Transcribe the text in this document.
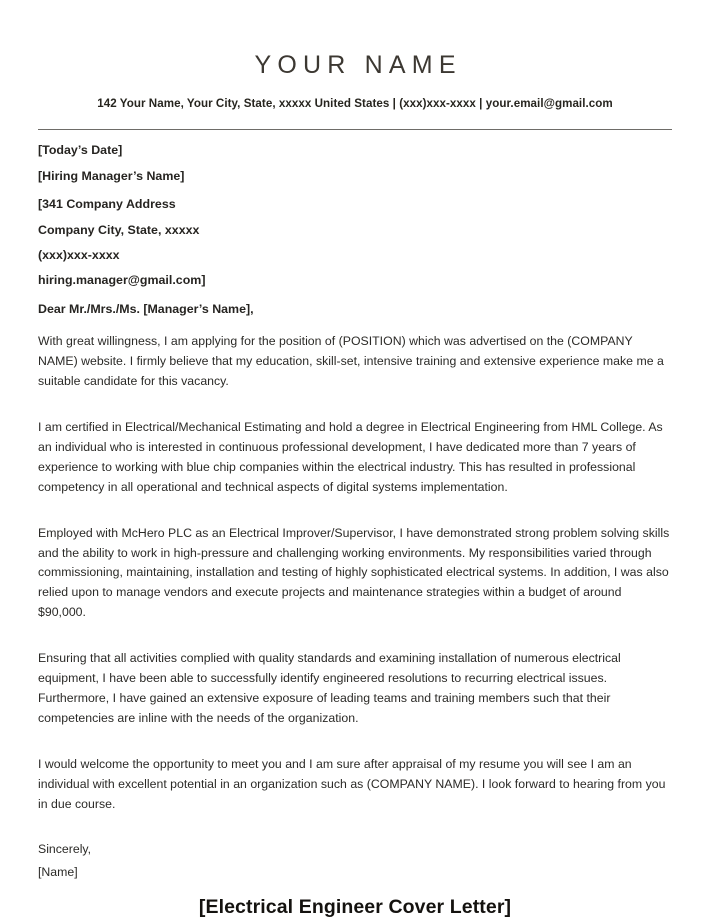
YOUR NAME
142 Your Name, Your City, State, xxxxx United States | (xxx)xxx-xxxx | your.email@gmail.com
[Today’s Date]
[Hiring Manager’s Name]
[341 Company Address
Company City, State, xxxxx
(xxx)xxx-xxxx
hiring.manager@gmail.com]
Dear Mr./Mrs./Ms. [Manager’s Name],

With great willingness, I am applying for the position of (POSITION) which was advertised on the (COMPANY NAME) website. I firmly believe that my education, skill-set, intensive training and extensive experience make me a suitable candidate for this vacancy.

I am certified in Electrical/Mechanical Estimating and hold a degree in Electrical Engineering from HML College. As an individual who is interested in continuous professional development, I have dedicated more than 7 years of experience to working with blue chip companies within the electrical industry. This has resulted in professional competency in all operational and technical aspects of digital systems implementation.

Employed with McHero PLC as an Electrical Improver/Supervisor, I have demonstrated strong problem solving skills and the ability to work in high-pressure and challenging working environments. My responsibilities varied through commissioning, maintaining, installation and testing of highly sophisticated electrical systems. In addition, I was also relied upon to manage vendors and execute projects and maintenance strategies within a budget of around $90,000.

Ensuring that all activities complied with quality standards and examining installation of numerous electrical equipment, I have been able to successfully identify engineered resolutions to recurring electrical issues. Furthermore, I have gained an extensive exposure of leading teams and training members such that their competencies are inline with the needs of the organization.

I would welcome the opportunity to meet you and I am sure after appraisal of my resume you will see I am an individual with excellent potential in an organization such as (COMPANY NAME). I look forward to hearing from you in due course.

Sincerely,
[Name]
[Electrical Engineer Cover Letter]
